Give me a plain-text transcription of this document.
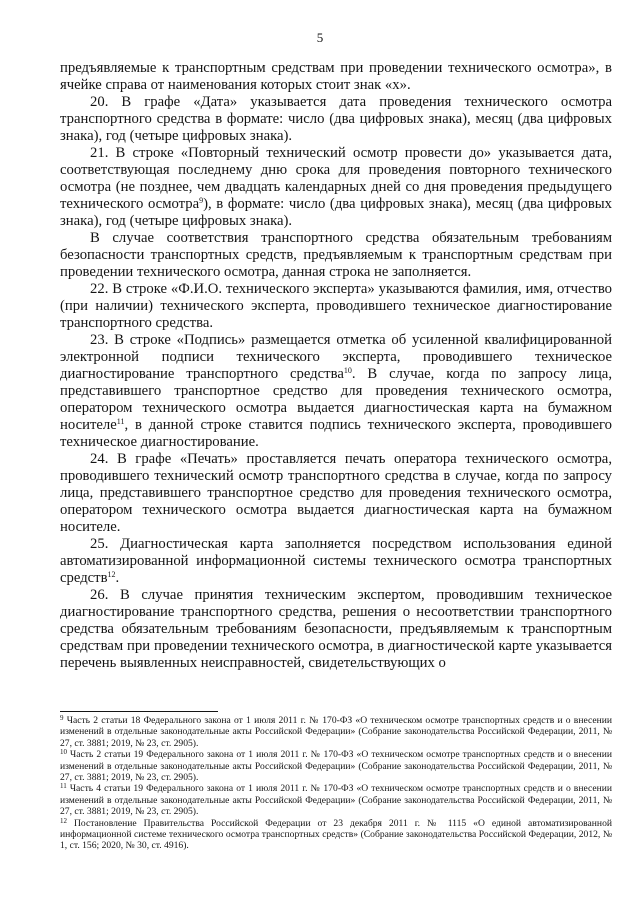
5

предъявляемые к транспортным средствам при проведении технического осмотра», в ячейке справа от наименования которых стоит знак «х».

20. В графе «Дата» указывается дата проведения технического осмотра транспортного средства в формате: число (два цифровых знака), месяц (два цифровых знака), год (четыре цифровых знака).

21. В строке «Повторный технический осмотр провести до» указывается дата, соответствующая последнему дню срока для проведения повторного технического осмотра (не позднее, чем двадцать календарных дней со дня проведения предыдущего технического осмотра$^9$), в формате: число (два цифровых знака), месяц (два цифровых знака), год (четыре цифровых знака).

В случае соответствия транспортного средства обязательным требованиям безопасности транспортных средств, предъявляемым к транспортным средствам при проведении технического осмотра, данная строка не заполняется.

22. В строке «Ф.И.О. технического эксперта» указываются фамилия, имя, отчество (при наличии) технического эксперта, проводившего техническое диагностирование транспортного средства.

23. В строке «Подпись» размещается отметка об усиленной квалифицированной электронной подписи технического эксперта, проводившего техническое диагностирование транспортного средства$^{10}$. В случае, когда по запросу лица, представившего транспортное средство для проведения технического осмотра, оператором технического осмотра выдается диагностическая карта на бумажном носителе$^{11}$, в данной строке ставится подпись технического эксперта, проводившего техническое диагностирование.

24. В графе «Печать» проставляется печать оператора технического осмотра, проводившего технический осмотр транспортного средства в случае, когда по запросу лица, представившего транспортное средство для проведения технического осмотра, оператором технического осмотра выдается диагностическая карта на бумажном носителе.

25. Диагностическая карта заполняется посредством использования единой автоматизированной информационной системы технического осмотра транспортных средств$^{12}$.

26. В случае принятия техническим экспертом, проводившим техническое диагностирование транспортного средства, решения о несоответствии транспортного средства обязательным требованиям безопасности, предъявляемым к транспортным средствам при проведении технического осмотра, в диагностической карте указывается перечень выявленных неисправностей, свидетельствующих о

$^9$ Часть 2 статьи 18 Федерального закона от 1 июля 2011 г. № 170-ФЗ «О техническом осмотре транспортных средств и о внесении изменений в отдельные законодательные акты Российской Федерации» (Собрание законодательства Российской Федерации, 2011, № 27, ст. 3881; 2019, № 23, ст. 2905).

$^{10}$ Часть 2 статьи 19 Федерального закона от 1 июля 2011 г. № 170-ФЗ «О техническом осмотре транспортных средств и о внесении изменений в отдельные законодательные акты Российской Федерации» (Собрание законодательства Российской Федерации, 2011, № 27, ст. 3881; 2019, № 23, ст. 2905).

$^{11}$ Часть 4 статьи 19 Федерального закона от 1 июля 2011 г. № 170-ФЗ «О техническом осмотре транспортных средств и о внесении изменений в отдельные законодательные акты Российской Федерации» (Собрание законодательства Российской Федерации, 2011, № 27, ст. 3881; 2019, № 23, ст. 2905).

$^{12}$ Постановление Правительства Российской Федерации от 23 декабря 2011 г. № 1115 «О единой автоматизированной информационной системе технического осмотра транспортных средств» (Собрание законодательства Российской Федерации, 2012, № 1, ст. 156; 2020, № 30, ст. 4916).
